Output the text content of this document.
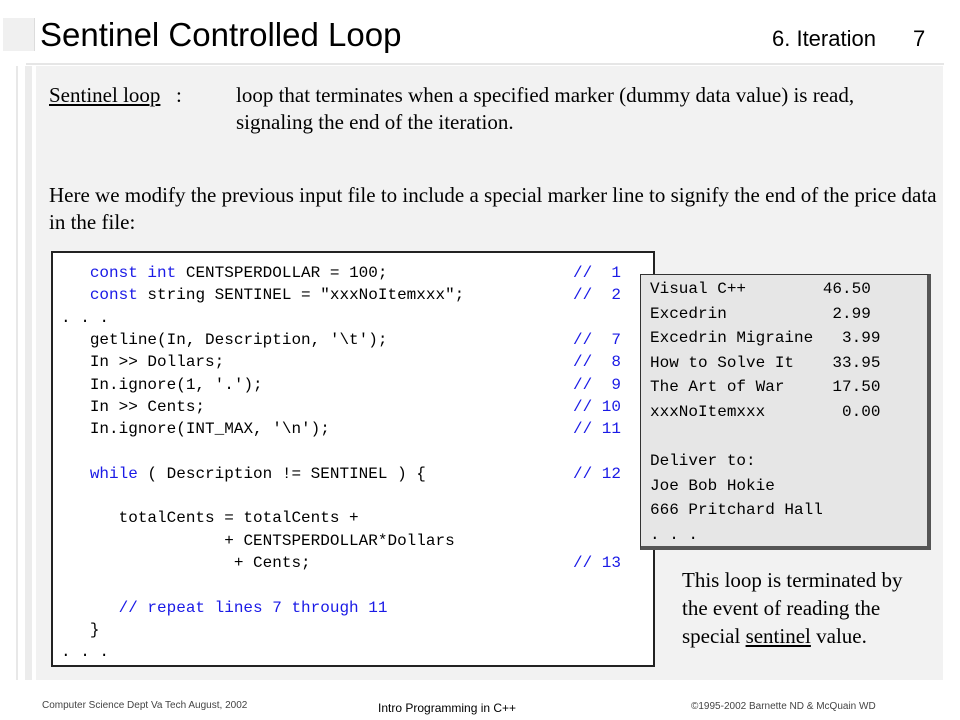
Sentinel Controlled Loop	6. Iteration 7
Sentinel loop :	loop that terminates when a specified marker (dummy data value) is read, signaling the end of the iteration.
Here we modify the previous input file to include a special marker line to signify the end of the price data in the file:
const int CENTSPERDOLLAR = 100;	//  1
const string SENTINEL = "xxxNoItemxxx";	//  2
. . .
getline(In, Description, '\t');	//  7
In >> Dollars;	//  8
In.ignore(1, '.');	//  9
In >> Cents;	// 10
In.ignore(INT_MAX, '\n');	// 11
while ( Description != SENTINEL ) {	// 12
totalCents = totalCents +
+ CENTSPERDOLLAR*Dollars
+ Cents;	// 13
// repeat lines 7 through 11
}
. . .
Visual C++        46.50
Excedrin           2.99
Excedrin Migraine   3.99
How to Solve It    33.95
The Art of War     17.50
xxxNoItemxxx        0.00
Deliver to:
Joe Bob Hokie
666 Pritchard Hall
. . .
This loop is terminated by the event of reading the special sentinel value.
Computer Science Dept Va Tech August, 2002	Intro Programming in C++	©1995-2002 Barnette ND & McQuain WD
